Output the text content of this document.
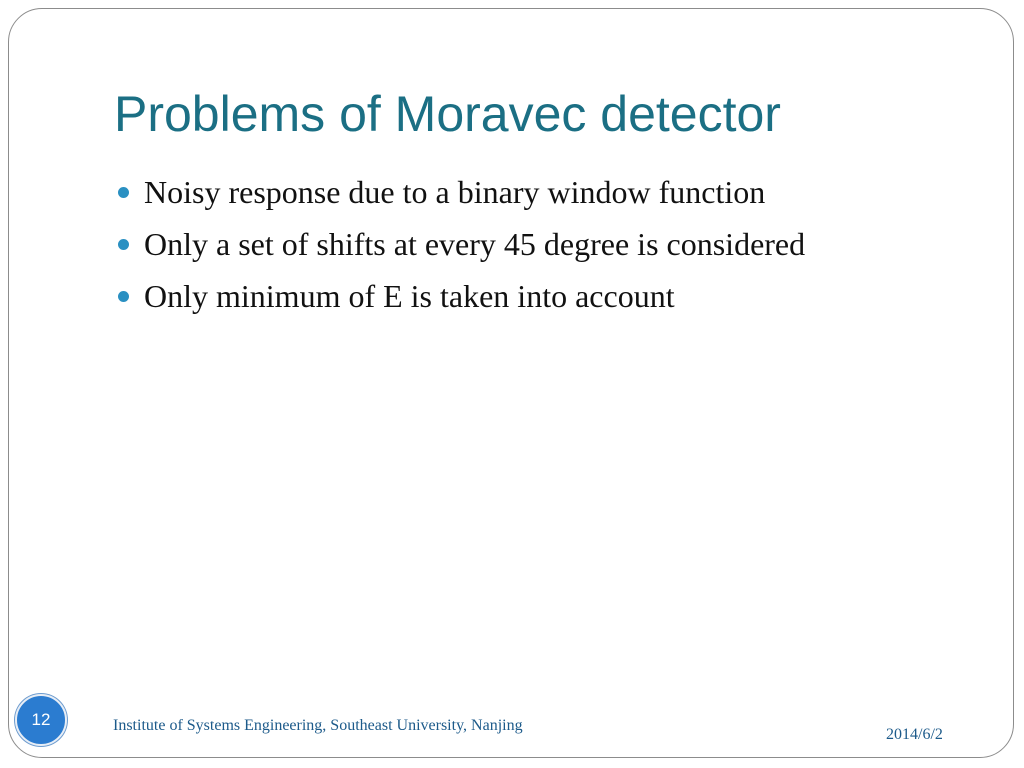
Problems of Moravec detector
Noisy response due to a binary window function
Only a set of shifts at every 45 degree is considered
Only minimum of E is taken into account
12	Institute of Systems Engineering, Southeast University, Nanjing
2014/6/2
